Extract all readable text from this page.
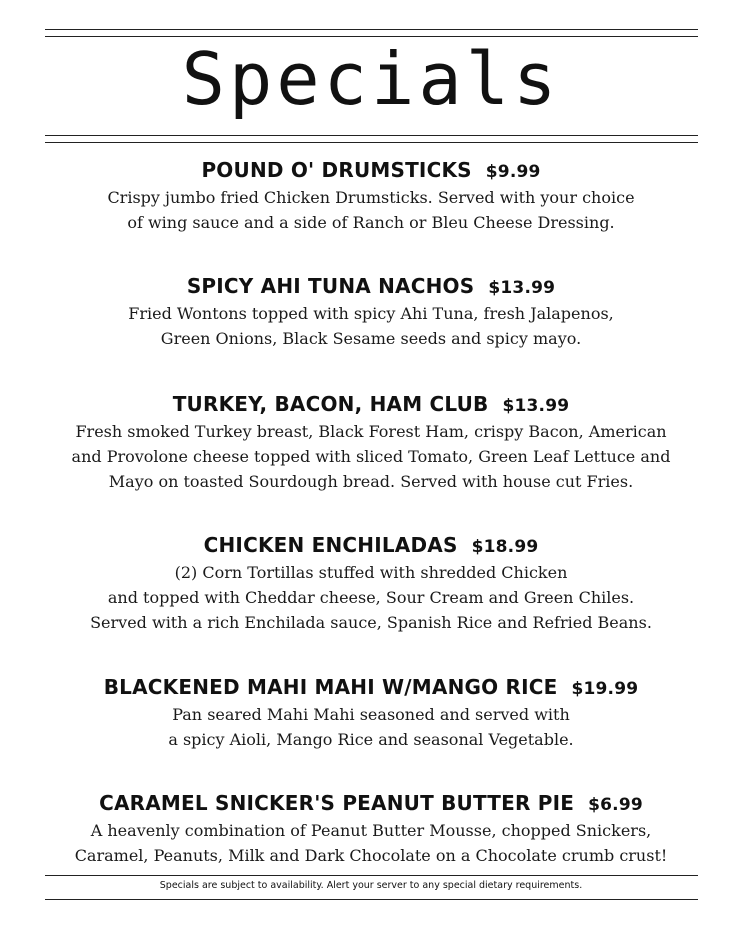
Specials
POUND O' DRUMSTICKS $9.99
Crispy jumbo fried Chicken Drumsticks. Served with your choice
of wing sauce and a side of Ranch or Bleu Cheese Dressing.
SPICY AHI TUNA NACHOS $13.99
Fried Wontons topped with spicy Ahi Tuna, fresh Jalapenos,
Green Onions, Black Sesame seeds and spicy mayo.
TURKEY, BACON, HAM CLUB $13.99
Fresh smoked Turkey breast, Black Forest Ham, crispy Bacon, American
and Provolone cheese topped with sliced Tomato, Green Leaf Lettuce and
Mayo on toasted Sourdough bread. Served with house cut Fries.
CHICKEN ENCHILADAS $18.99
(2) Corn Tortillas stuffed with shredded Chicken
and topped with Cheddar cheese, Sour Cream and Green Chiles.
Served with a rich Enchilada sauce, Spanish Rice and Refried Beans.
BLACKENED MAHI MAHI W/MANGO RICE $19.99
Pan seared Mahi Mahi seasoned and served with
a spicy Aioli, Mango Rice and seasonal Vegetable.
CARAMEL SNICKER'S PEANUT BUTTER PIE $6.99
A heavenly combination of Peanut Butter Mousse, chopped Snickers,
Caramel, Peanuts, Milk and Dark Chocolate on a Chocolate crumb crust!
Specials are subject to availability. Alert your server to any special dietary requirements.
